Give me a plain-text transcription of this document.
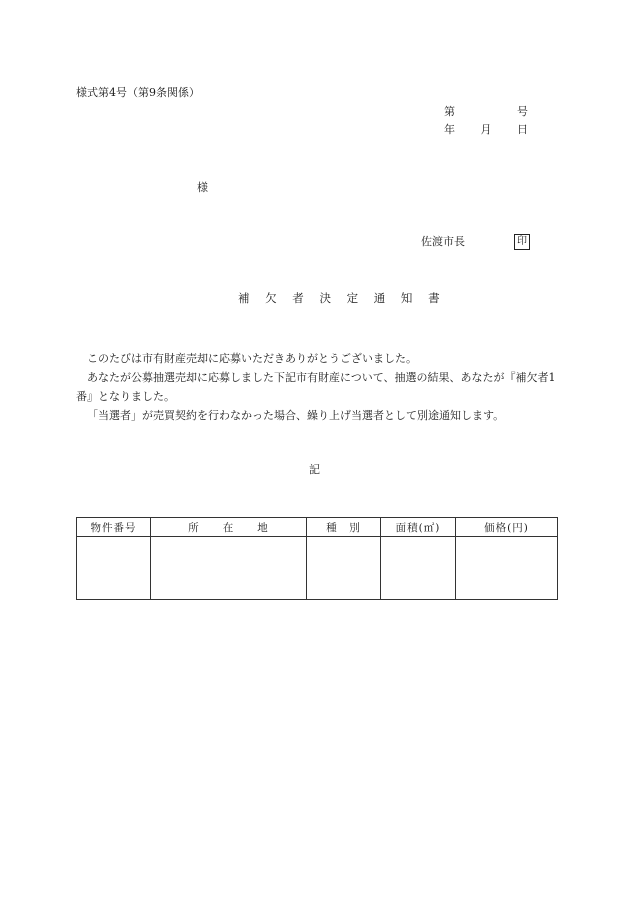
様式第4号（第9条関係）
第	号
年 月 日
様
佐渡市長	印
補 欠 者 決 定 通 知 書

このたびは市有財産売却に応募いただきありがとうございました。

あなたが公募抽選売却に応募しました下記市有財産について、抽選の結果、あなたが『補欠者1番』となりました。

「当選者」が売買契約を行わなかった場合、繰り上げ当選者として別途通知します。

記
物件番号	所　　在　　地	種　別	面積(㎡)	価格(円)
